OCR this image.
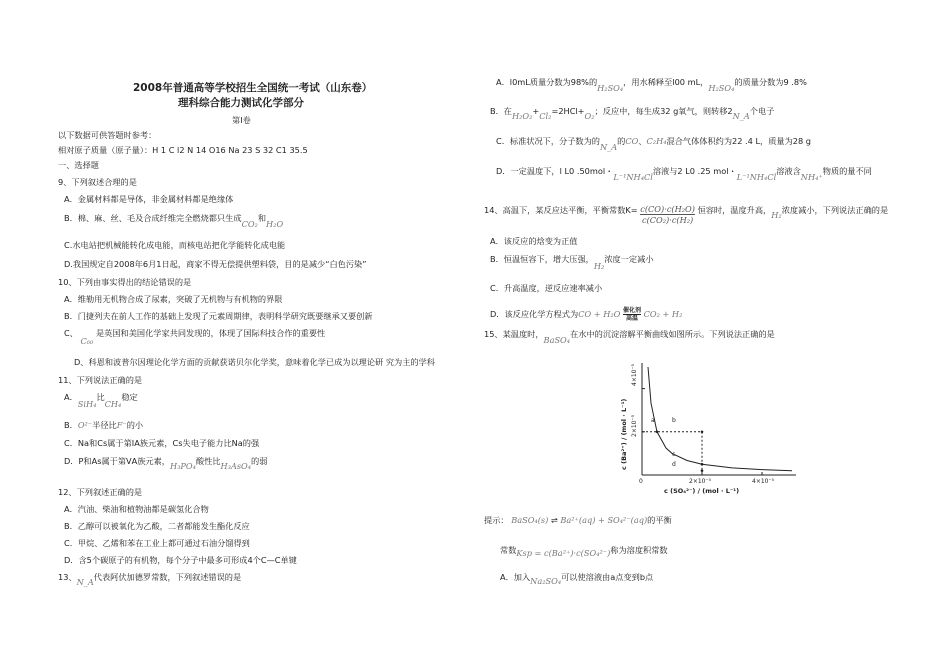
2008年普通高等学校招生全国统一考试（山东卷）
理科综合能力测试化学部分
第Ⅰ卷
以下数据可供答题时参考：
相对原子质量（原子量）：H 1 C l2 N 14 O16 Na 23 S 32 C1 35.5
一、选择题
9、下列叙述合理的是
A．金属材料都是导体，非金属材料都是绝缘体
B．棉、麻、丝、毛及合成纤维完全燃烧都只生成CO₂和H₂O
C.水电站把机械能转化成电能，而核电站把化学能转化成电能
D.我国规定自2008年6月1日起，商家不得无偿提供塑料袋，目的是减少“白色污染”
10、下列由事实得出的结论错误的是
A．维勒用无机物合成了尿素，突破了无机物与有机物的界限
B．门捷列夫在前人工作的基础上发现了元素周期律，表明科学研究既要继承又要创新
C、 C₆₀ 是英国和美国化学家共同发现的，体现了国际科技合作的重要性
D、科恩和波普尔因理论化学方面的贡献获诺贝尔化学奖，意味着化学已成为以理论研 究为主的学科
11、下列说法正确的是
A．SiH₄比CH₄稳定
B．O²⁻半径比F⁻的小
C．Na和Cs属于第ⅠA族元素，Cs失电子能力比Na的强
D．P和As属于第ⅤA族元素，H₃PO₄酸性比H₃AsO₄的弱
12、下列叙述正确的是
A．汽油、柴油和植物油都是碳氢化合物
B．乙醇可以被氧化为乙酸，二者都能发生酯化反应
C．甲烷、乙烯和苯在工业上都可通过石油分馏得到
D．含5个碳原子的有机物，每个分子中最多可形成4个C—C单键
13、N_A代表阿伏加德罗常数，下列叙述错误的是
A．l0mL质量分数为98%的H₂SO₄，用水稀释至l00 mL，H₂SO₄的质量分数为9 .8%
B．在H₂O₂+Cl₂=2HCl+O₂；反应中，每生成32 g氧气，则转移2N_A个电子
C．标准状况下，分子数为的N_A的CO、C₂H₄混合气体体积约为22 .4 L，质量为28 g
D．一定温度下，l L0 .50mol・L⁻¹NH₄Cl溶液与2 L0 .25 mol・L⁻¹NH₄Cl溶液含NH₄⁺物质的量不同
14、高温下，某反应达平衡，平衡常数$K= \frac{\text{c(CO)·c(H₂O)}}{\text{c(CO₂)·c(H₂)}}$ 恒容时，温度升高，H₂浓度减小，下列说法正确的是
A．该反应的焓变为正值
B．恒温恒容下，增大压强，H₂浓度一定减小
C．升高温度，逆反应速率减小
D．该反应化学方程式为CO + H₂O 催化剂
高温 CO₂ + H₂
15、某温度时，BaSO₄在水中的沉淀溶解平衡曲线如图所示。下列说法正确的是
c (Ba²⁺) / (mol · L⁻¹)
c (SO₄²⁻) / (mol · L⁻¹)
4×10⁻⁵
2×10⁻⁵
2×10⁻⁵	4×10⁻⁵
0
a	b
c
d
提示： BaSO₄(s) ⇌ Ba²⁺(aq) + SO₄²⁻(aq)的平衡
常数Ksp = c(Ba²⁺)·c(SO₄²⁻)称为溶度积常数
A．加入Na₂SO₄可以使溶液由a点变到b点
